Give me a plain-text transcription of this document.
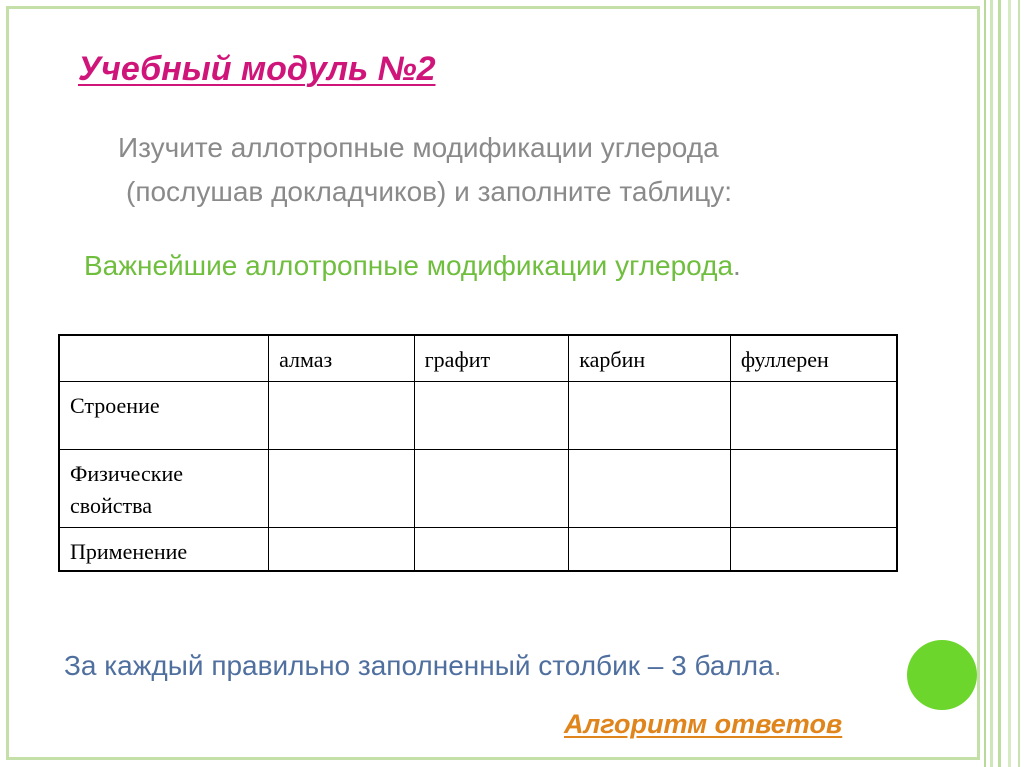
Учебный модуль №2
Изучите аллотропные модификации углерода
(послушав докладчиков) и заполните таблицу:
Важнейшие аллотропные модификации углерода.
	алмаз	графит	карбин	фуллерен
Строение				
Физические
свойства				
Применение				
За каждый правильно заполненный столбик – 3 балла.
Алгоритм ответов
